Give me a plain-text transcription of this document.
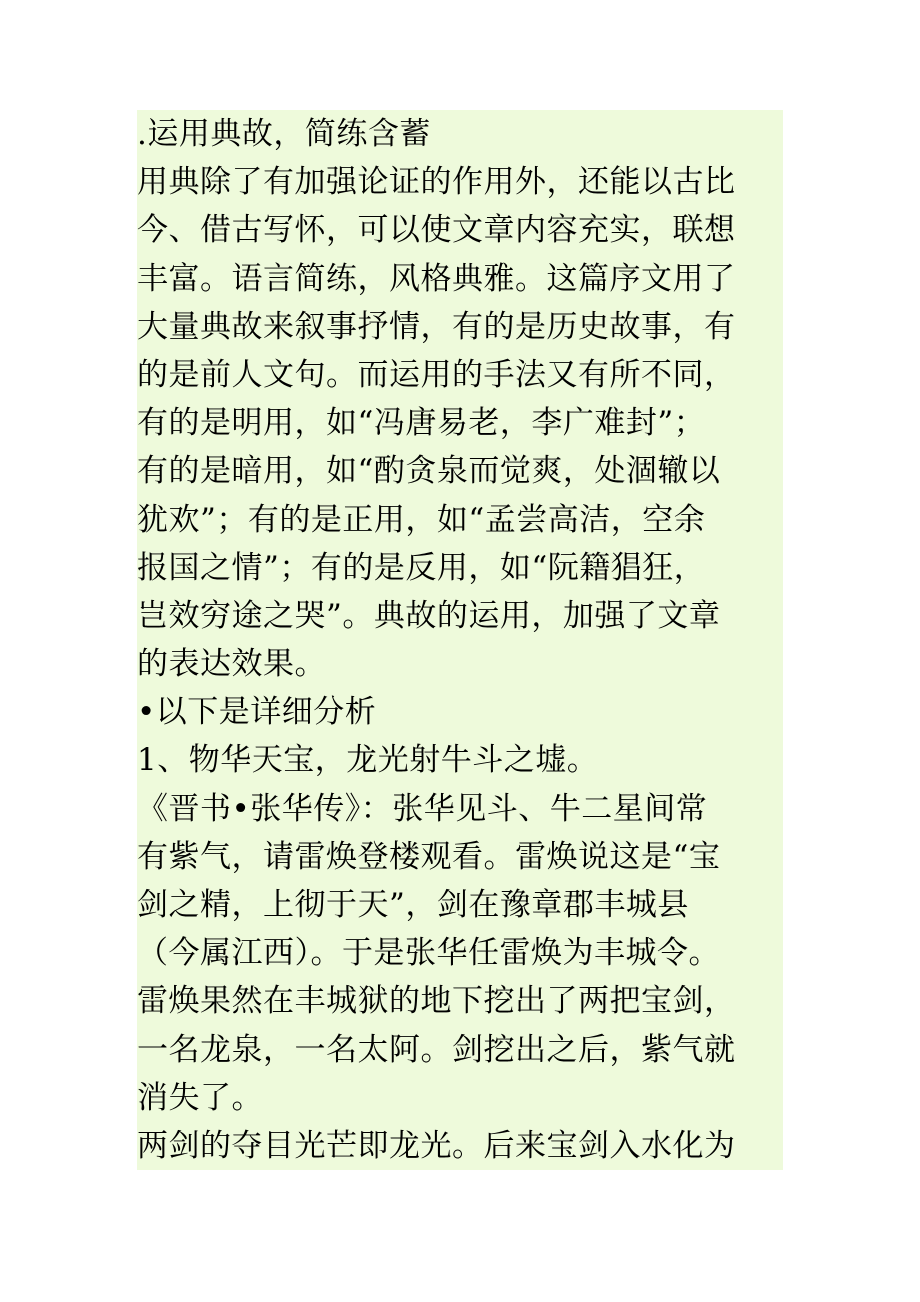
.运用典故，简练含蓄
用典除了有加强论证的作用外，还能以古比
今、借古写怀，可以使文章内容充实，联想
丰富。语言简练，风格典雅。这篇序文用了
大量典故来叙事抒情，有的是历史故事，有
的是前人文句。而运用的手法又有所不同，
有的是明用，如“冯唐易老，李广难封”；
有的是暗用，如“酌贪泉而觉爽，处涸辙以
犹欢”；有的是正用，如“孟尝高洁，空余
报国之情”；有的是反用，如“阮籍猖狂，
岂效穷途之哭”。典故的运用，加强了文章
的表达效果。
•以下是详细分析
1、物华天宝，龙光射牛斗之墟。
《晋书•张华传》：张华见斗、牛二星间常
有紫气，请雷焕登楼观看。雷焕说这是“宝
剑之精，上彻于天”，剑在豫章郡丰城县
（今属江西）。于是张华任雷焕为丰城令。
雷焕果然在丰城狱的地下挖出了两把宝剑，
一名龙泉，一名太阿。剑挖出之后，紫气就
消失了。
两剑的夺目光芒即龙光。后来宝剑入水化为
